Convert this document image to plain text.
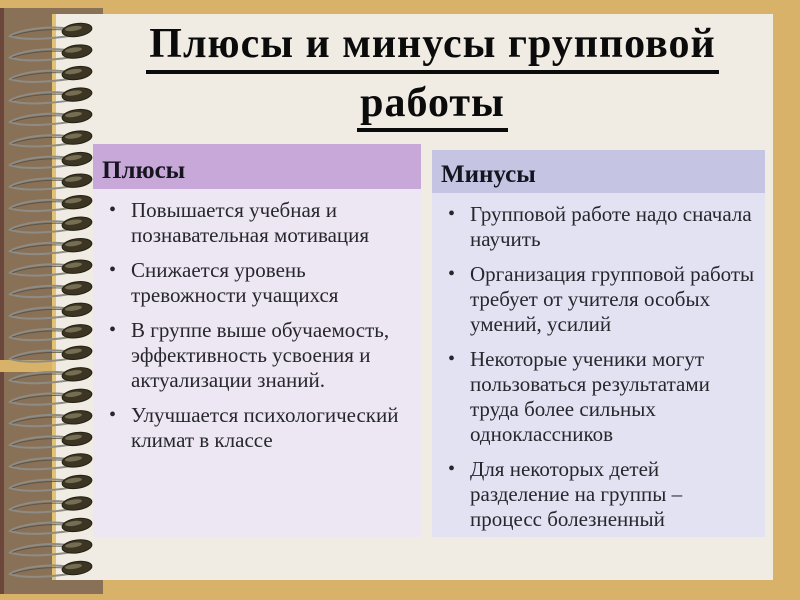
Плюсы и минусы групповой
работы
Плюсы
• Повышается учебная и познавательная мотивация
• Снижается уровень тревожности учащихся
• В группе выше обучаемость, эффективность усвоения и актуализации знаний.
• Улучшается психологический климат в классе
Минусы
• Групповой работе надо сначала научить
• Организация групповой работы требует от учителя особых умений, усилий
• Некоторые ученики могут пользоваться результатами труда более сильных одноклассников
• Для некоторых детей разделение на группы – процесс болезненный
